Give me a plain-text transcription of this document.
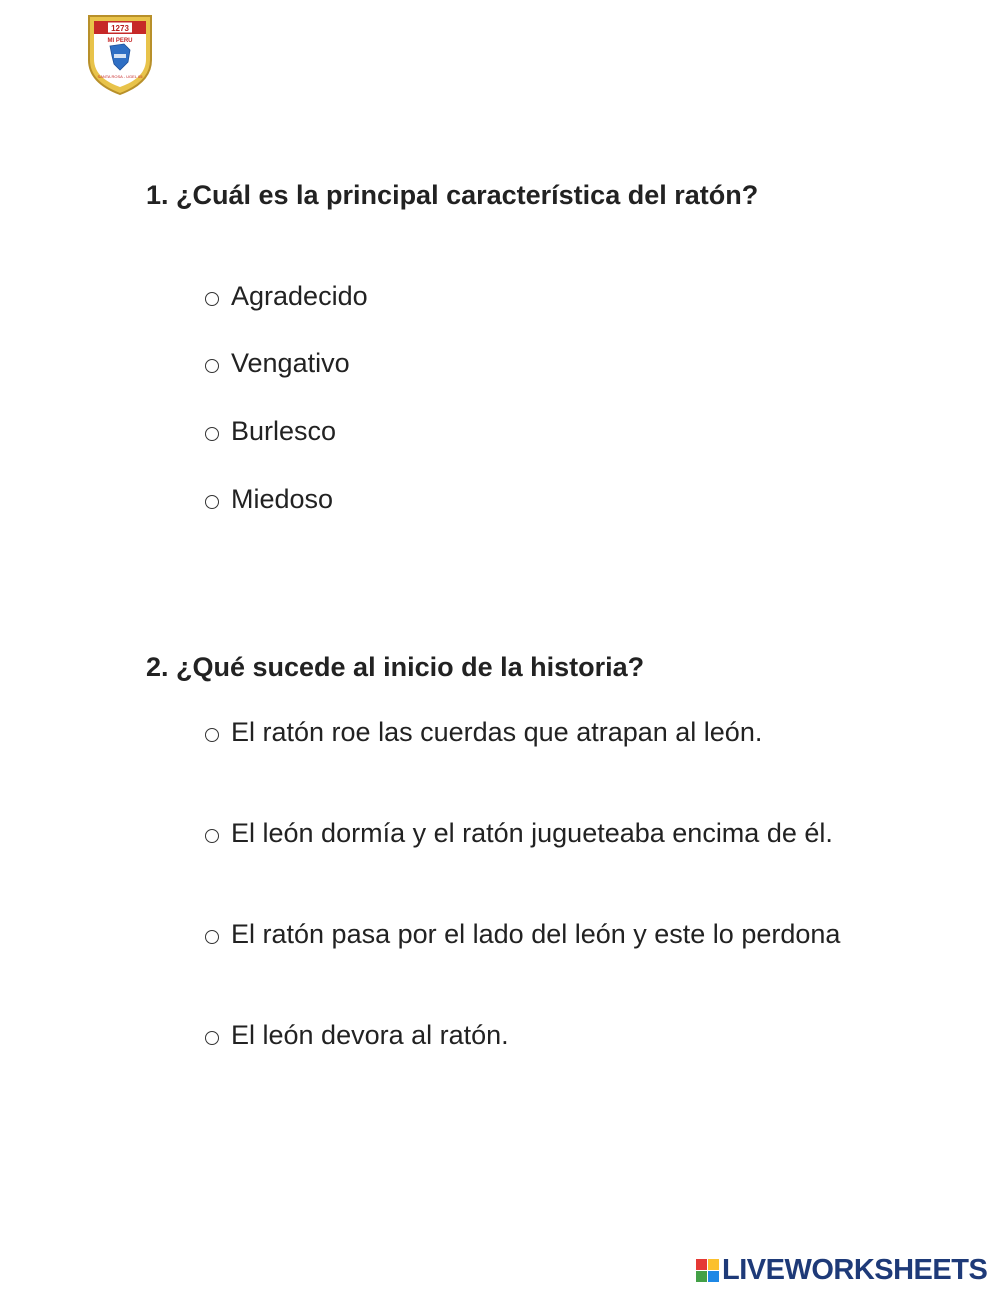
1273
MI PERU
SANTA ROSA - UGEL 05
1. ¿Cuál es la principal característica del ratón?
Agradecido
Vengativo
Burlesco
Miedoso
2. ¿Qué sucede al inicio de la historia?
El ratón roe las cuerdas que atrapan al león.
El león dormía y el ratón jugueteaba encima de él.
El ratón pasa por el lado del león y este lo perdona
El león devora al ratón.
LIVEWORKSHEETS
